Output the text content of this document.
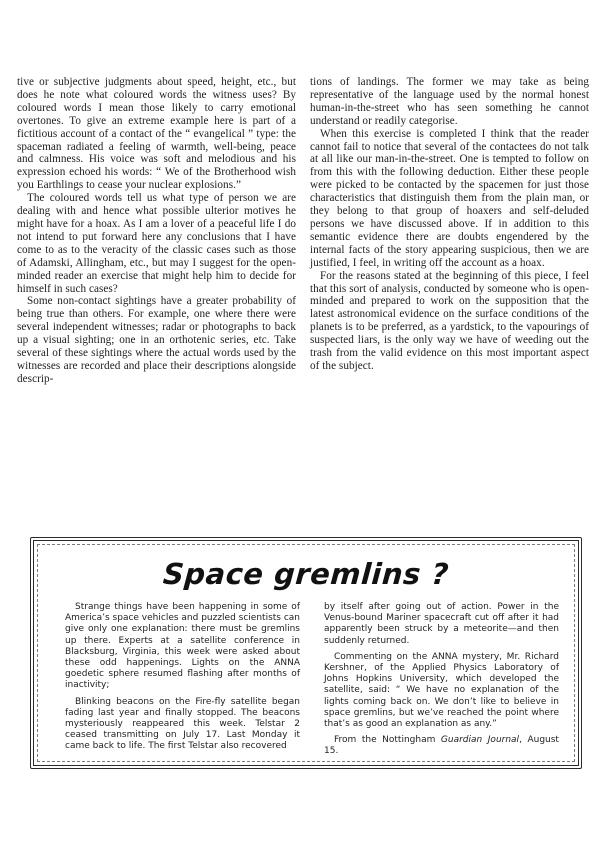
tive or subjective judgments about speed, height, etc., but does he note what coloured words the witness uses? By coloured words I mean those likely to carry emotional overtones. To give an extreme example here is part of a fictitious account of a contact of the “ evangelical ” type: the spaceman radiated a feeling of warmth, well-being, peace and calmness. His voice was soft and melodious and his expression echoed his words: “ We of the Brotherhood wish you Earthlings to cease your nuclear explosions.”

The coloured words tell us what type of person we are dealing with and hence what possible ulterior motives he might have for a hoax. As I am a lover of a peaceful life I do not intend to put forward here any conclusions that I have come to as to the veracity of the classic cases such as those of Adamski, Allingham, etc., but may I suggest for the open-minded reader an exercise that might help him to decide for himself in such cases?

Some non-contact sightings have a greater probability of being true than others. For example, one where there were several independent witnesses; radar or photographs to back up a visual sighting; one in an orthotenic series, etc. Take several of these sightings where the actual words used by the witnesses are recorded and place their descriptions alongside descrip-

tions of landings. The former we may take as being representative of the language used by the normal honest human-in-the-street who has seen something he cannot understand or readily categorise.

When this exercise is completed I think that the reader cannot fail to notice that several of the contactees do not talk at all like our man-in-the-street. One is tempted to follow on from this with the following deduction. Either these people were picked to be contacted by the spacemen for just those characteristics that distinguish them from the plain man, or they belong to that group of hoaxers and self-deluded persons we have discussed above. If in addition to this semantic evidence there are doubts engendered by the internal facts of the story appearing suspicious, then we are justified, I feel, in writing off the account as a hoax.

For the reasons stated at the beginning of this piece, I feel that this sort of analysis, conducted by someone who is open-minded and prepared to work on the supposition that the latest astronomical evidence on the surface conditions of the planets is to be preferred, as a yardstick, to the vapourings of suspected liars, is the only way we have of weeding out the trash from the valid evidence on this most important aspect of the subject.

Space gremlins ?

Strange things have been happening in some of America’s space vehicles and puzzled scientists can give only one explanation: there must be gremlins up there. Experts at a satellite conference in Blacksburg, Virginia, this week were asked about these odd happenings. Lights on the ANNA goedetic sphere resumed flashing after months of inactivity;

Blinking beacons on the Fire-fly satellite began fading last year and finally stopped. The beacons mysteriously reappeared this week. Telstar 2 ceased transmitting on July 17. Last Monday it came back to life. The first Telstar also recovered

by itself after going out of action. Power in the Venus-bound Mariner spacecraft cut off after it had apparently been struck by a meteorite—and then suddenly returned.

Commenting on the ANNA mystery, Mr. Richard Kershner, of the Applied Physics Laboratory of Johns Hopkins University, which developed the satellite, said: “ We have no explanation of the lights coming back on. We don’t like to believe in space gremlins, but we’ve reached the point where that’s as good an explanation as any.”

From the Nottingham Guardian Journal, August 15.
